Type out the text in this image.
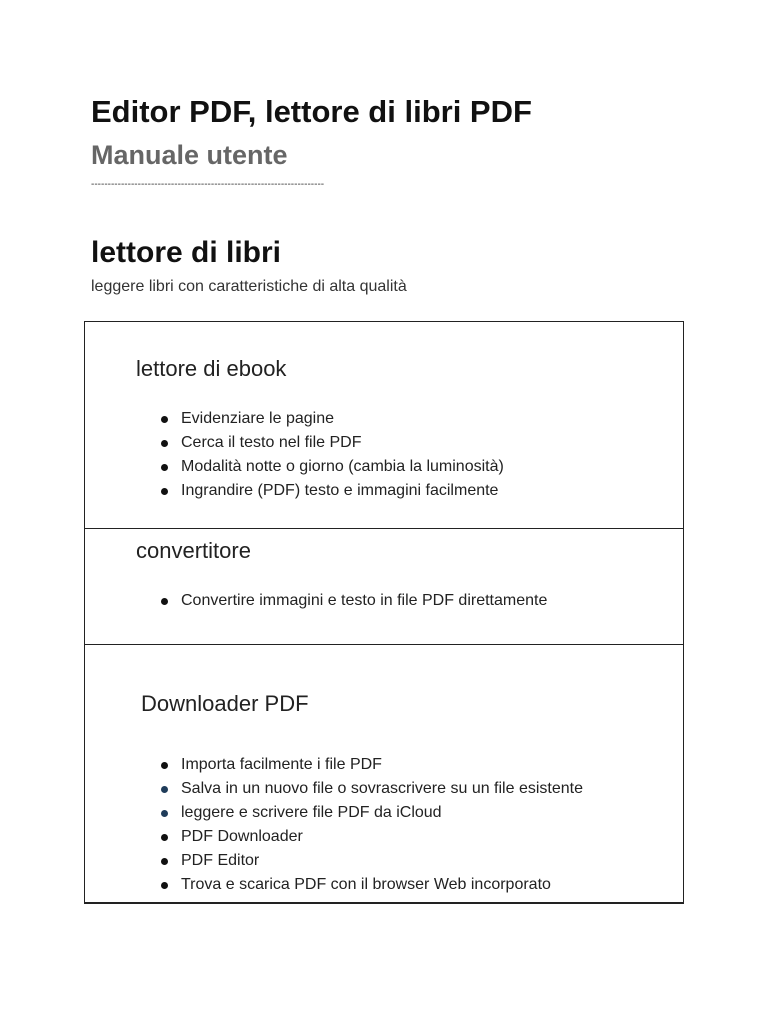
Editor PDF, lettore di libri PDF
Manuale utente
----------------------------------------------------------------------
lettore di libri

leggere libri con caratteristiche di alta qualità

lettore di ebook
Evidenziare le pagine
Cerca il testo nel file PDF
Modalità notte o giorno (cambia la luminosità)
Ingrandire (PDF) testo e immagini facilmente
convertitore
Convertire immagini e testo in file PDF direttamente
Downloader PDF
Importa facilmente i file PDF
Salva in un nuovo file o sovrascrivere su un file esistente
leggere e scrivere file PDF da iCloud
PDF Downloader
PDF Editor
Trova e scarica PDF con il browser Web incorporato
